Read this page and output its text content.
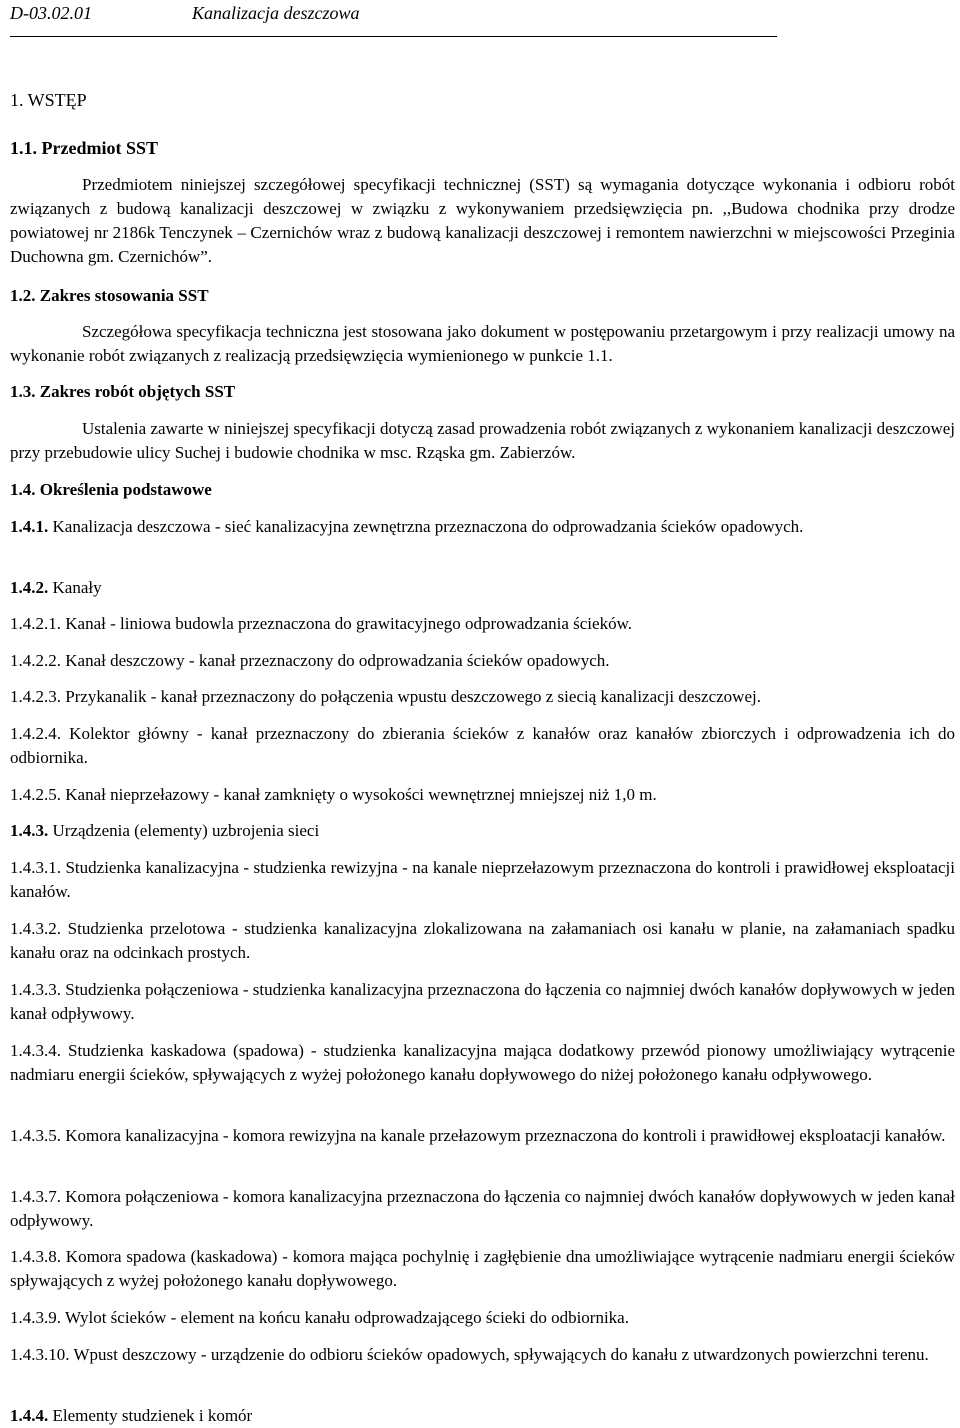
D-03.02.01	Kanalizacja deszczowa
1. WSTĘP
1.1. Przedmiot SST

Przedmiotem niniejszej szczegółowej specyfikacji technicznej (SST) są wymagania dotyczące wykonania i odbioru robót związanych z budową kanalizacji deszczowej w związku z wykonywaniem przedsięwzięcia pn. ,,Budowa chodnika przy drodze powiatowej nr 2186k Tenczynek – Czernichów wraz z budową kanalizacji deszczowej i remontem nawierzchni w miejscowości Przeginia Duchowna gm. Czernichów”.

1.2. Zakres stosowania SST

Szczegółowa specyfikacja techniczna jest stosowana jako dokument w postępowaniu przetargowym i przy realizacji umowy na wykonanie robót związanych z realizacją przedsięwzięcia wymienionego w punkcie 1.1.

1.3. Zakres robót objętych SST

Ustalenia zawarte w niniejszej specyfikacji dotyczą zasad prowadzenia robót związanych z wykonaniem kanalizacji deszczowej przy przebudowie ulicy Suchej i budowie chodnika w msc. Rząska gm. Zabierzów.

1.4. Określenia podstawowe

1.4.1. Kanalizacja deszczowa - sieć kanalizacyjna zewnętrzna przeznaczona do odprowadzania ścieków opadowych.

1.4.2. Kanały

1.4.2.1. Kanał - liniowa budowla przeznaczona do grawitacyjnego odprowadzania ścieków.

1.4.2.2. Kanał deszczowy - kanał przeznaczony do odprowadzania ścieków opadowych.

1.4.2.3. Przykanalik - kanał przeznaczony do połączenia wpustu deszczowego z siecią kanalizacji deszczowej.

1.4.2.4. Kolektor główny - kanał przeznaczony do zbierania ścieków z kanałów oraz kanałów zbiorczych i odprowadzenia ich do odbiornika.

1.4.2.5. Kanał nieprzełazowy - kanał zamknięty o wysokości wewnętrznej mniejszej niż 1,0 m.

1.4.3. Urządzenia (elementy) uzbrojenia sieci

1.4.3.1. Studzienka kanalizacyjna - studzienka rewizyjna - na kanale nieprzełazowym przeznaczona do kontroli i prawidłowej eksploatacji kanałów.

1.4.3.2. Studzienka przelotowa - studzienka kanalizacyjna zlokalizowana na załamaniach osi kanału w planie, na załamaniach spadku kanału oraz na odcinkach prostych.

1.4.3.3. Studzienka połączeniowa - studzienka kanalizacyjna przeznaczona do łączenia co najmniej dwóch kanałów dopływowych w jeden kanał odpływowy.

1.4.3.4. Studzienka kaskadowa (spadowa) - studzienka kanalizacyjna mająca dodatkowy przewód pionowy umożliwiający wytrącenie nadmiaru energii ścieków, spływających z wyżej położonego kanału dopływowego do niżej położonego kanału odpływowego.

1.4.3.5. Komora kanalizacyjna - komora rewizyjna na kanale przełazowym przeznaczona do kontroli i prawidłowej eksploatacji kanałów.

1.4.3.7. Komora połączeniowa - komora kanalizacyjna przeznaczona do łączenia co najmniej dwóch kanałów dopływowych w jeden kanał odpływowy.

1.4.3.8. Komora spadowa (kaskadowa) - komora mająca pochylnię i zagłębienie dna umożliwiające wytrącenie nadmiaru energii ścieków spływających z wyżej położonego kanału dopływowego.

1.4.3.9. Wylot ścieków - element na końcu kanału odprowadzającego ścieki do odbiornika.

1.4.3.10. Wpust deszczowy - urządzenie do odbioru ścieków opadowych, spływających do kanału z utwardzonych powierzchni terenu.

1.4.4. Elementy studzienek i komór
